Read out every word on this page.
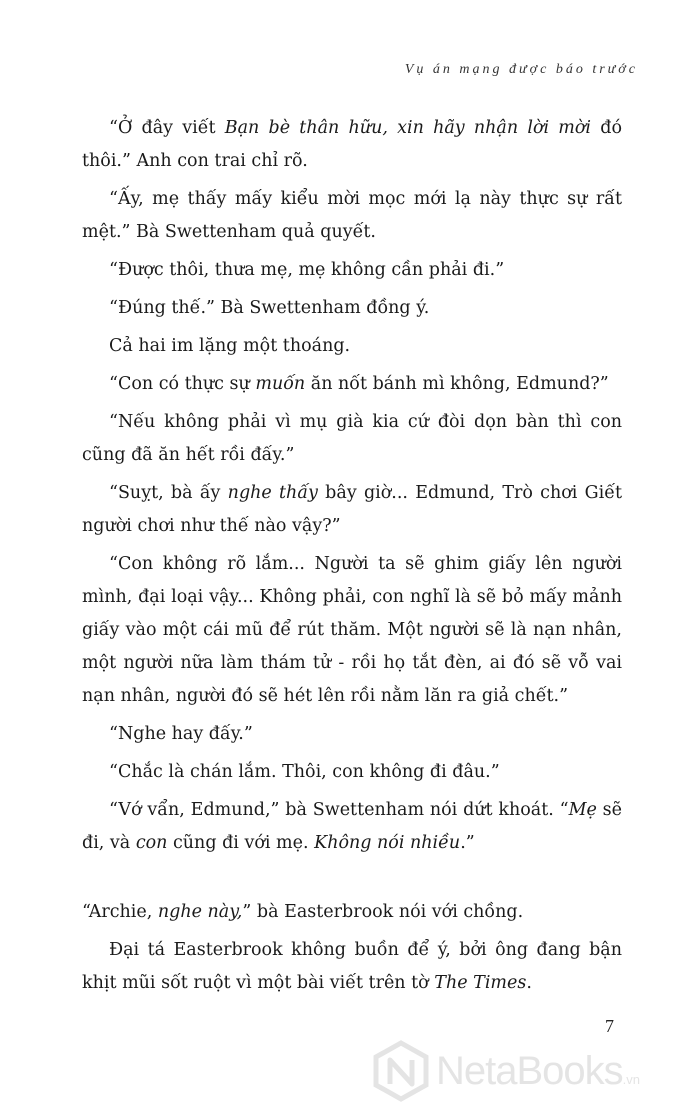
Vụ án mạng được báo trước

“Ở đây viết Bạn bè thân hữu, xin hãy nhận lời mời đó thôi.” Anh con trai chỉ rõ.

“Ấy, mẹ thấy mấy kiểu mời mọc mới lạ này thực sự rất mệt.” Bà Swettenham quả quyết.

“Được thôi, thưa mẹ, mẹ không cần phải đi.”

“Đúng thế.” Bà Swettenham đồng ý.

Cả hai im lặng một thoáng.

“Con có thực sự muốn ăn nốt bánh mì không, Edmund?”

“Nếu không phải vì mụ già kia cứ đòi dọn bàn thì con cũng đã ăn hết rồi đấy.”

“Suỵt, bà ấy nghe thấy bây giờ... Edmund, Trò chơi Giết người chơi như thế nào vậy?”

“Con không rõ lắm... Người ta sẽ ghim giấy lên người mình, đại loại vậy... Không phải, con nghĩ là sẽ bỏ mấy mảnh giấy vào một cái mũ để rút thăm. Một người sẽ là nạn nhân, một người nữa làm thám tử - rồi họ tắt đèn, ai đó sẽ vỗ vai nạn nhân, người đó sẽ hét lên rồi nằm lăn ra giả chết.”

“Nghe hay đấy.”

“Chắc là chán lắm. Thôi, con không đi đâu.”

“Vớ vẩn, Edmund,” bà Swettenham nói dứt khoát. “Mẹ sẽ đi, và con cũng đi với mẹ. Không nói nhiều.”

“Archie, nghe này,” bà Easterbrook nói với chồng.

Đại tá Easterbrook không buồn để ý, bởi ông đang bận khịt mũi sốt ruột vì một bài viết trên tờ The Times.

7
NetaBooks.vn
